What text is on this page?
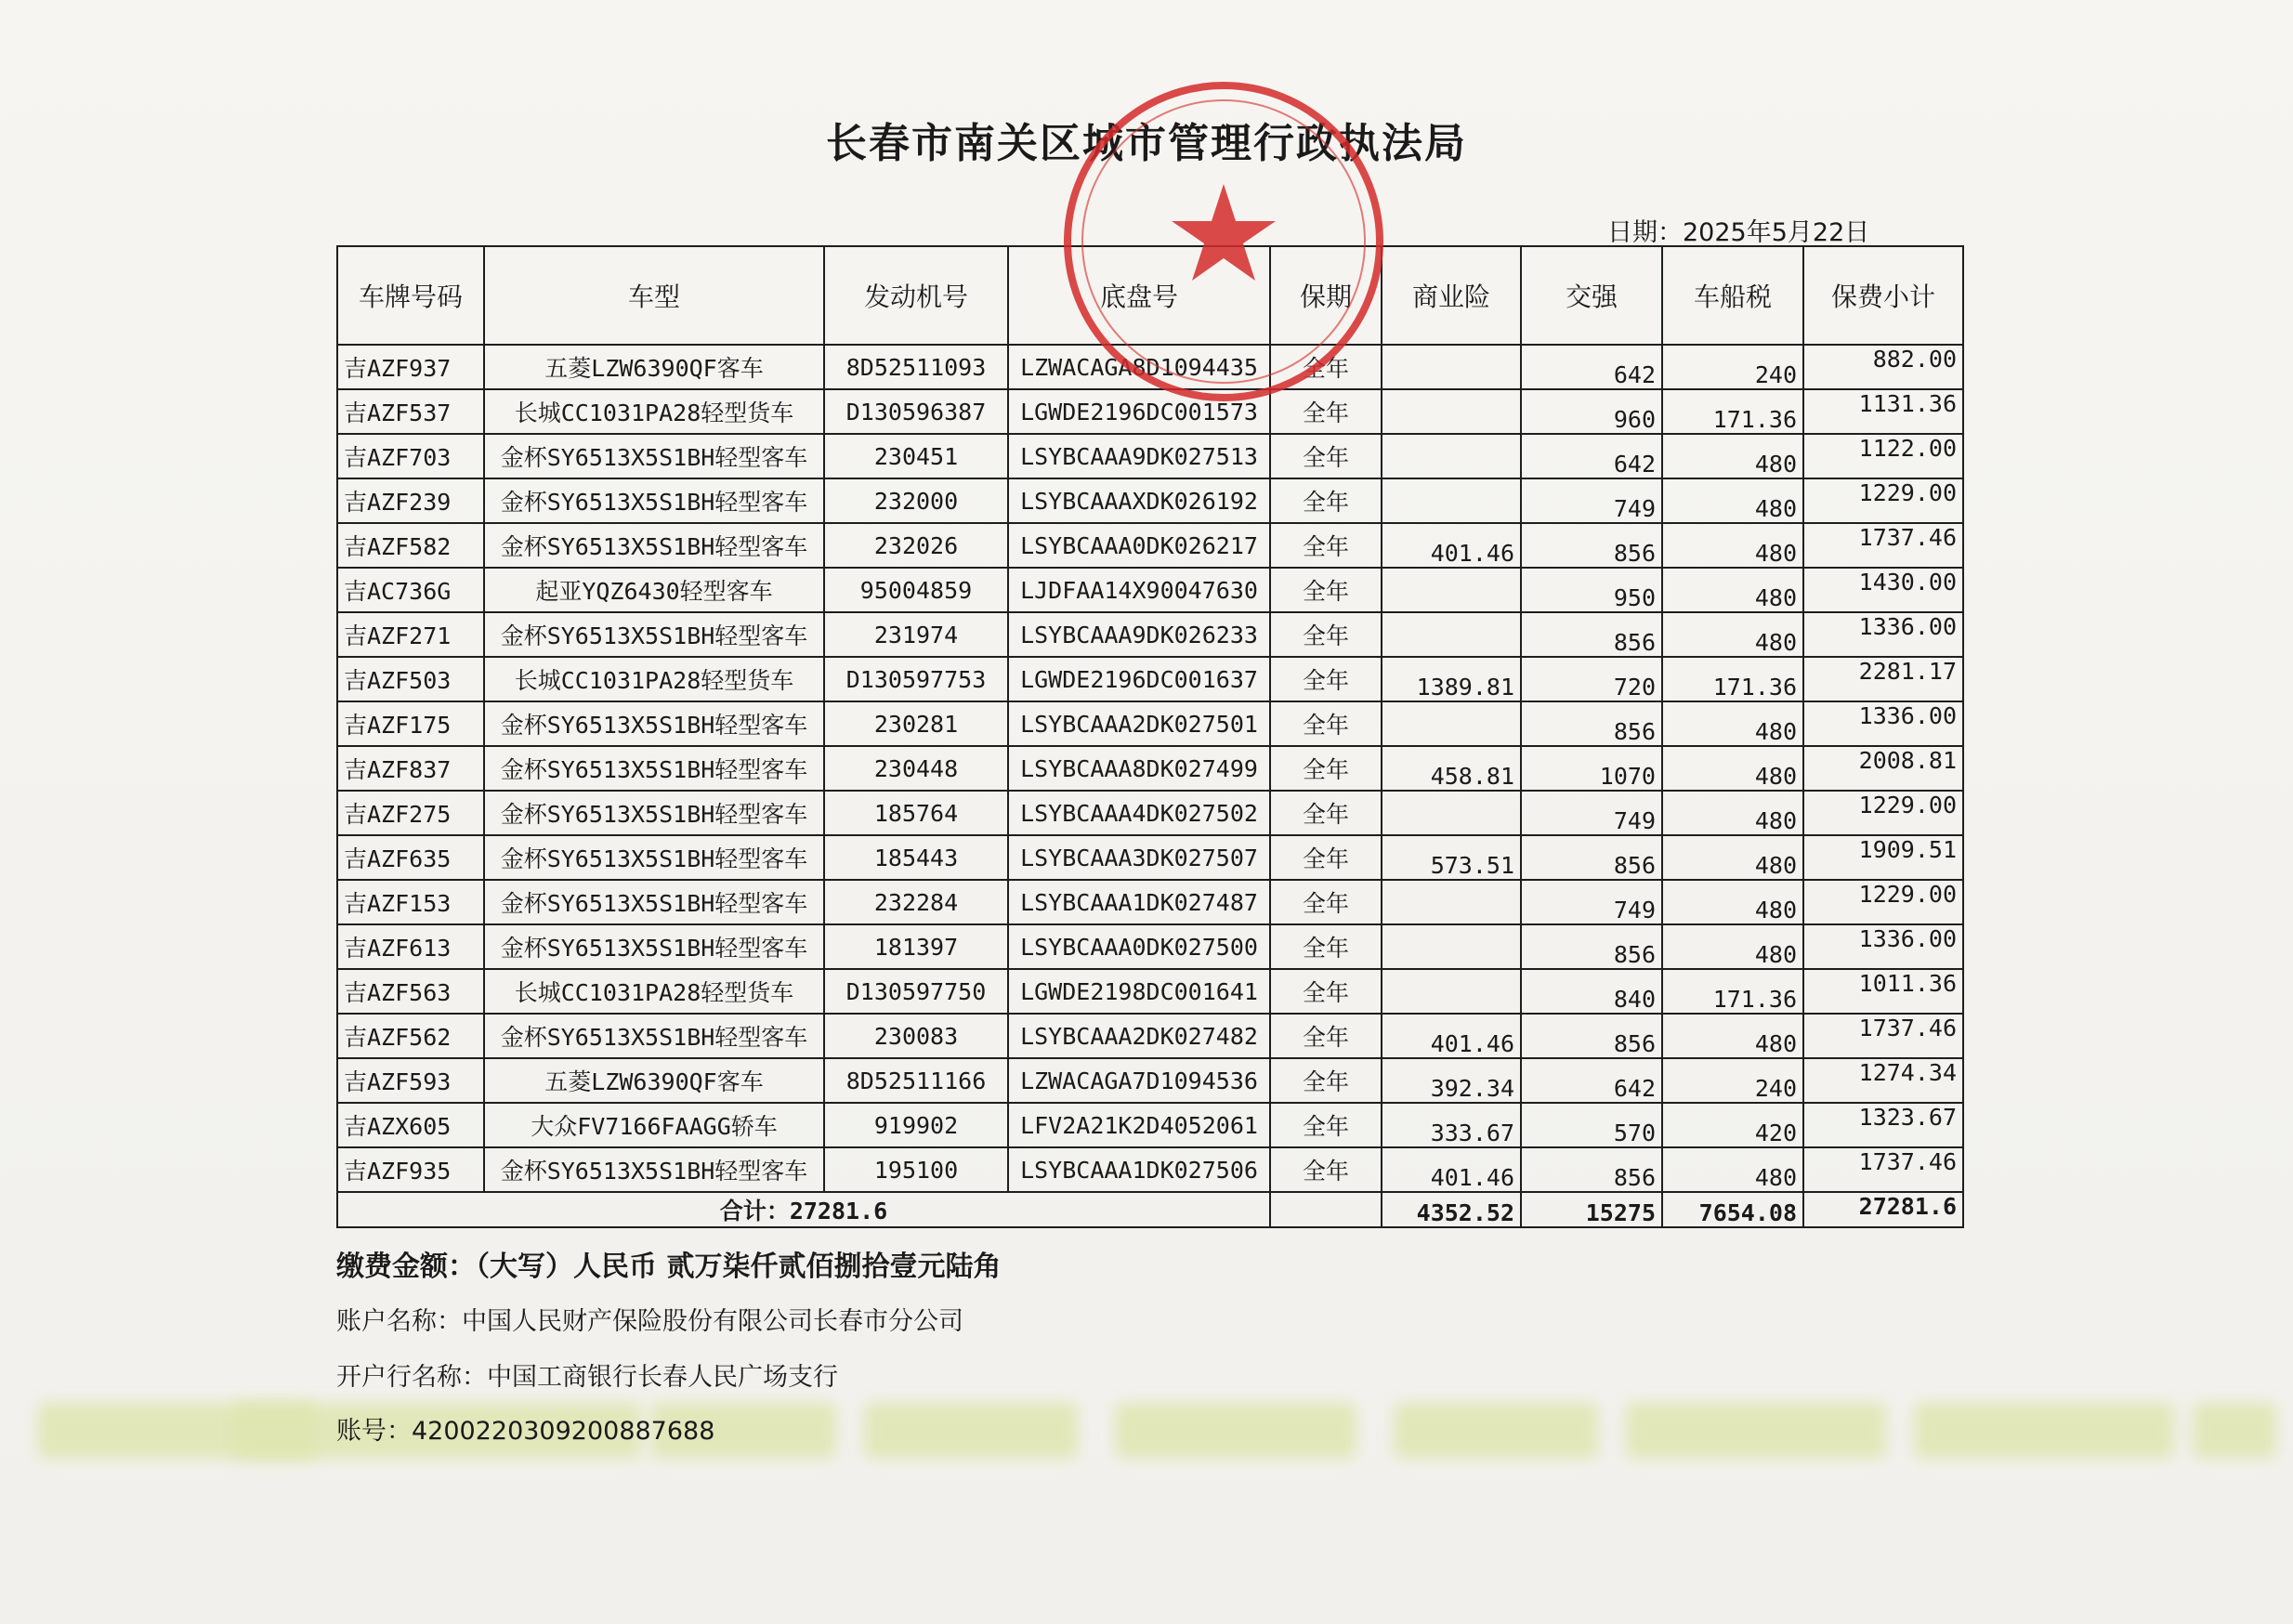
长春市南关区城市管理行政执法局
日期：2025年5月22日
车牌号码	车型	发动机号	底盘号	保期	商业险	交强	车船税	保费小计
吉AZF937	五菱LZW6390QF客车	8D52511093	LZWACAGA8D1094435	全年		642	240	882.00
吉AZF537	长城CC1031PA28轻型货车	D130596387	LGWDE2196DC001573	全年		960	171.36	1131.36
吉AZF703	金杯SY6513X5S1BH轻型客车	230451	LSYBCAAA9DK027513	全年		642	480	1122.00
吉AZF239	金杯SY6513X5S1BH轻型客车	232000	LSYBCAAAXDK026192	全年		749	480	1229.00
吉AZF582	金杯SY6513X5S1BH轻型客车	232026	LSYBCAAA0DK026217	全年	401.46	856	480	1737.46
吉AC736G	起亚YQZ6430轻型客车	95004859	LJDFAA14X90047630	全年		950	480	1430.00
吉AZF271	金杯SY6513X5S1BH轻型客车	231974	LSYBCAAA9DK026233	全年		856	480	1336.00
吉AZF503	长城CC1031PA28轻型货车	D130597753	LGWDE2196DC001637	全年	1389.81	720	171.36	2281.17
吉AZF175	金杯SY6513X5S1BH轻型客车	230281	LSYBCAAA2DK027501	全年		856	480	1336.00
吉AZF837	金杯SY6513X5S1BH轻型客车	230448	LSYBCAAA8DK027499	全年	458.81	1070	480	2008.81
吉AZF275	金杯SY6513X5S1BH轻型客车	185764	LSYBCAAA4DK027502	全年		749	480	1229.00
吉AZF635	金杯SY6513X5S1BH轻型客车	185443	LSYBCAAA3DK027507	全年	573.51	856	480	1909.51
吉AZF153	金杯SY6513X5S1BH轻型客车	232284	LSYBCAAA1DK027487	全年		749	480	1229.00
吉AZF613	金杯SY6513X5S1BH轻型客车	181397	LSYBCAAA0DK027500	全年		856	480	1336.00
吉AZF563	长城CC1031PA28轻型货车	D130597750	LGWDE2198DC001641	全年		840	171.36	1011.36
吉AZF562	金杯SY6513X5S1BH轻型客车	230083	LSYBCAAA2DK027482	全年	401.46	856	480	1737.46
吉AZF593	五菱LZW6390QF客车	8D52511166	LZWACAGA7D1094536	全年	392.34	642	240	1274.34
吉AZX605	大众FV7166FAAGG轿车	919902	LFV2A21K2D4052061	全年	333.67	570	420	1323.67
吉AZF935	金杯SY6513X5S1BH轻型客车	195100	LSYBCAAA1DK027506	全年	401.46	856	480	1737.46
合计：27281.6					4352.52	15275	7654.08	27281.6
缴费金额：（大写）人民币 贰万柒仟贰佰捌拾壹元陆角
账户名称：中国人民财产保险股份有限公司长春市分公司
开户行名称：中国工商银行长春人民广场支行
账号：4200220309200887688
